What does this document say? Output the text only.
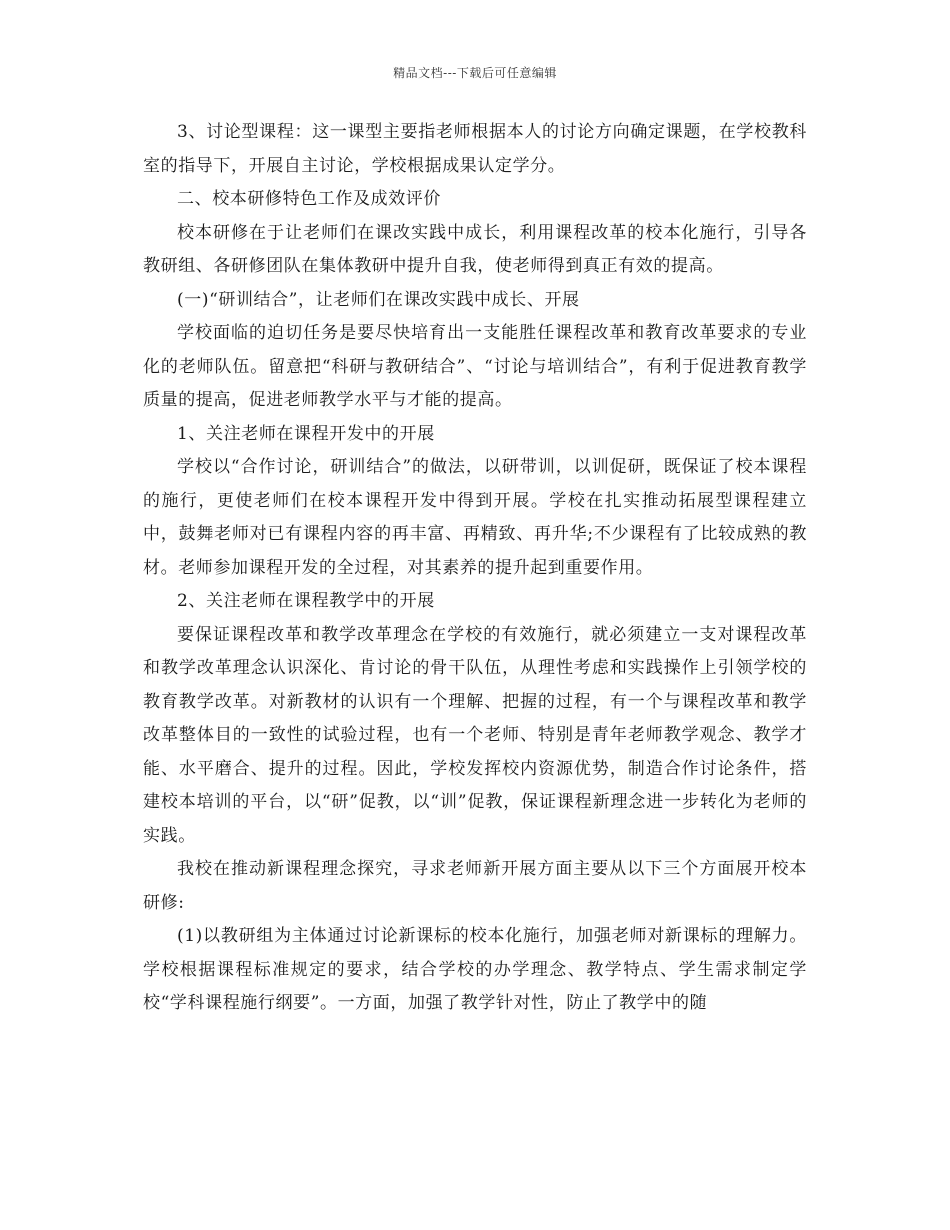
精品文档---下载后可任意编辑

3、讨论型课程：这一课型主要指老师根据本人的讨论方向确定课题，在学校教科室的指导下，开展自主讨论，学校根据成果认定学分。

二、校本研修特色工作及成效评价

校本研修在于让老师们在课改实践中成长，利用课程改革的校本化施行，引导各教研组、各研修团队在集体教研中提升自我，使老师得到真正有效的提高。

(一)“研训结合”，让老师们在课改实践中成长、开展

学校面临的迫切任务是要尽快培育出一支能胜任课程改革和教育改革要求的专业化的老师队伍。留意把“科研与教研结合”、“讨论与培训结合”，有利于促进教育教学质量的提高，促进老师教学水平与才能的提高。

1、关注老师在课程开发中的开展

学校以“合作讨论，研训结合”的做法，以研带训，以训促研，既保证了校本课程的施行，更使老师们在校本课程开发中得到开展。学校在扎实推动拓展型课程建立中，鼓舞老师对已有课程内容的再丰富、再精致、再升华;不少课程有了比较成熟的教材。老师参加课程开发的全过程，对其素养的提升起到重要作用。

2、关注老师在课程教学中的开展

要保证课程改革和教学改革理念在学校的有效施行，就必须建立一支对课程改革和教学改革理念认识深化、肯讨论的骨干队伍，从理性考虑和实践操作上引领学校的教育教学改革。对新教材的认识有一个理解、把握的过程，有一个与课程改革和教学改革整体目的一致性的试验过程，也有一个老师、特别是青年老师教学观念、教学才能、水平磨合、提升的过程。因此，学校发挥校内资源优势，制造合作讨论条件，搭建校本培训的平台，以“研”促教，以“训”促教，保证课程新理念进一步转化为老师的实践。

我校在推动新课程理念探究，寻求老师新开展方面主要从以下三个方面展开校本研修:

(1)以教研组为主体通过讨论新课标的校本化施行，加强老师对新课标的理解力。学校根据课程标准规定的要求，结合学校的办学理念、教学特点、学生需求制定学校“学科课程施行纲要”。一方面，加强了教学针对性，防止了教学中的随
